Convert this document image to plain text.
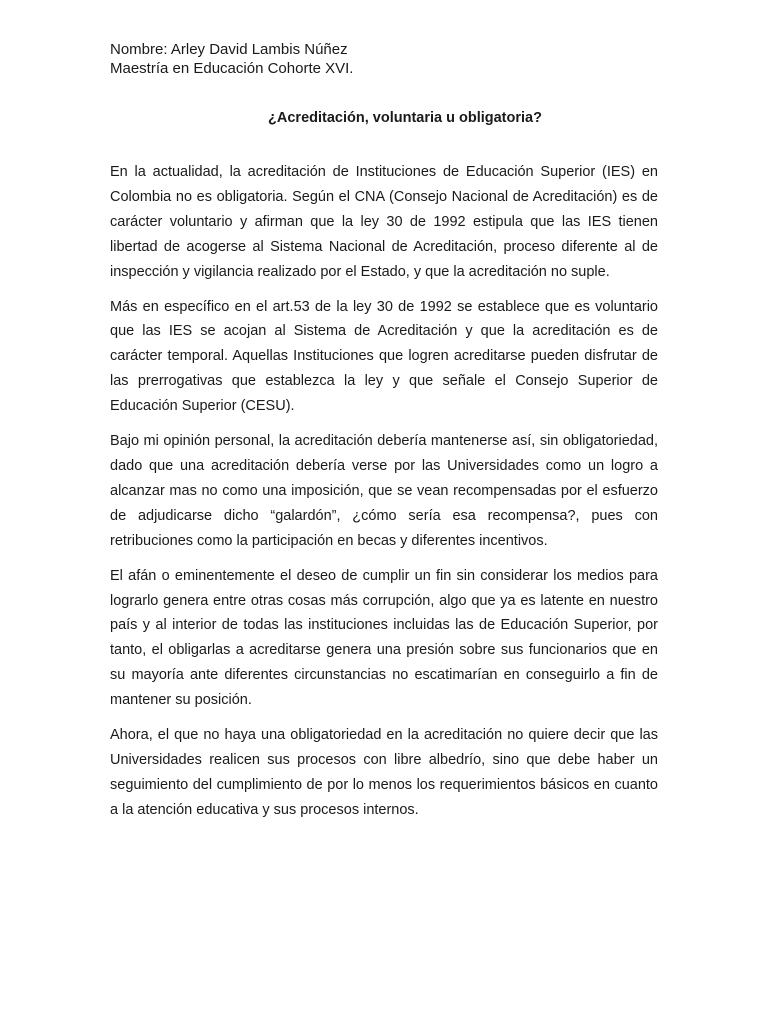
Nombre: Arley David Lambis Núñez

Maestría en Educación Cohorte XVI.

¿Acreditación, voluntaria u obligatoria?

En la actualidad, la acreditación de Instituciones de Educación Superior (IES) en Colombia no es obligatoria. Según el CNA (Consejo Nacional de Acreditación) es de carácter voluntario y afirman que la ley 30 de 1992 estipula que las IES tienen libertad de acogerse al Sistema Nacional de Acreditación, proceso diferente al de inspección y vigilancia realizado por el Estado, y que la acreditación no suple.

Más en específico en el art.53 de la ley 30 de 1992 se establece que es voluntario que las IES se acojan al Sistema de Acreditación y que la acreditación es de carácter temporal. Aquellas Instituciones que logren acreditarse pueden disfrutar de las prerrogativas que establezca la ley y que señale el Consejo Superior de Educación Superior (CESU).

Bajo mi opinión personal, la acreditación debería mantenerse así, sin obligatoriedad, dado que una acreditación debería verse por las Universidades como un logro a alcanzar mas no como una imposición, que se vean recompensadas por el esfuerzo de adjudicarse dicho “galardón”, ¿cómo sería esa recompensa?, pues con retribuciones como la participación en becas y diferentes incentivos.

El afán o eminentemente el deseo de cumplir un fin sin considerar los medios para lograrlo genera entre otras cosas más corrupción, algo que ya es latente en nuestro país y al interior de todas las instituciones incluidas las de Educación Superior, por tanto, el obligarlas a acreditarse genera una presión sobre sus funcionarios que en su mayoría ante diferentes circunstancias no escatimarían en conseguirlo a fin de mantener su posición.

Ahora, el que no haya una obligatoriedad en la acreditación no quiere decir que las Universidades realicen sus procesos con libre albedrío, sino que debe haber un seguimiento del cumplimiento de por lo menos los requerimientos básicos en cuanto a la atención educativa y sus procesos internos.
